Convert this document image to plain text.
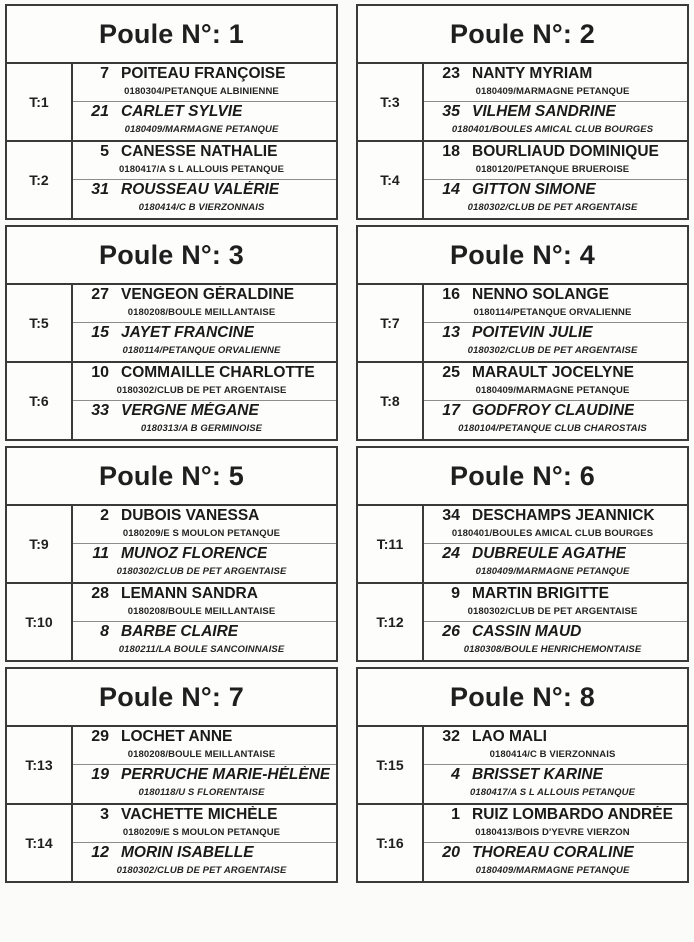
Poule N°: 1
T:1
7 POITEAU FRANÇOISE
0180304/PETANQUE ALBINIENNE
21 CARLET SYLVIE
0180409/MARMAGNE PETANQUE
T:2
5 CANESSE NATHALIE
0180417/A S L ALLOUIS PETANQUE
31 ROUSSEAU VALÉRIE
0180414/C B VIERZONNAIS
Poule N°: 2
T:3
23 NANTY MYRIAM
0180409/MARMAGNE PETANQUE
35 VILHEM SANDRINE
0180401/BOULES AMICAL CLUB BOURGES
T:4
18 BOURLIAUD DOMINIQUE
0180120/PETANQUE BRUEROISE
14 GITTON SIMONE
0180302/CLUB DE PET ARGENTAISE
Poule N°: 3
T:5
27 VENGEON GÉRALDINE
0180208/BOULE MEILLANTAISE
15 JAYET FRANCINE
0180114/PETANQUE ORVALIENNE
T:6
10 COMMAILLE CHARLOTTE
0180302/CLUB DE PET ARGENTAISE
33 VERGNE MÉGANE
0180313/A B GERMINOISE
Poule N°: 4
T:7
16 NENNO SOLANGE
0180114/PETANQUE ORVALIENNE
13 POITEVIN JULIE
0180302/CLUB DE PET ARGENTAISE
T:8
25 MARAULT JOCELYNE
0180409/MARMAGNE PETANQUE
17 GODFROY CLAUDINE
0180104/PETANQUE CLUB CHAROSTAIS
Poule N°: 5
T:9
2 DUBOIS VANESSA
0180209/E S MOULON PETANQUE
11 MUNOZ FLORENCE
0180302/CLUB DE PET ARGENTAISE
T:10
28 LEMANN SANDRA
0180208/BOULE MEILLANTAISE
8 BARBE CLAIRE
0180211/LA BOULE SANCOINNAISE
Poule N°: 6
T:11
34 DESCHAMPS JEANNICK
0180401/BOULES AMICAL CLUB BOURGES
24 DUBREULE AGATHE
0180409/MARMAGNE PETANQUE
T:12
9 MARTIN BRIGITTE
0180302/CLUB DE PET ARGENTAISE
26 CASSIN MAUD
0180308/BOULE HENRICHEMONTAISE
Poule N°: 7
T:13
29 LOCHET ANNE
0180208/BOULE MEILLANTAISE
19 PERRUCHE MARIE-HÉLÈNE
0180118/U S FLORENTAISE
T:14
3 VACHETTE MICHÈLE
0180209/E S MOULON PETANQUE
12 MORIN ISABELLE
0180302/CLUB DE PET ARGENTAISE
Poule N°: 8
T:15
32 LAO MALI
0180414/C B VIERZONNAIS
4 BRISSET KARINE
0180417/A S L ALLOUIS PETANQUE
T:16
1 RUIZ LOMBARDO ANDRÉE
0180413/BOIS D'YEVRE VIERZON
20 THOREAU CORALINE
0180409/MARMAGNE PETANQUE
